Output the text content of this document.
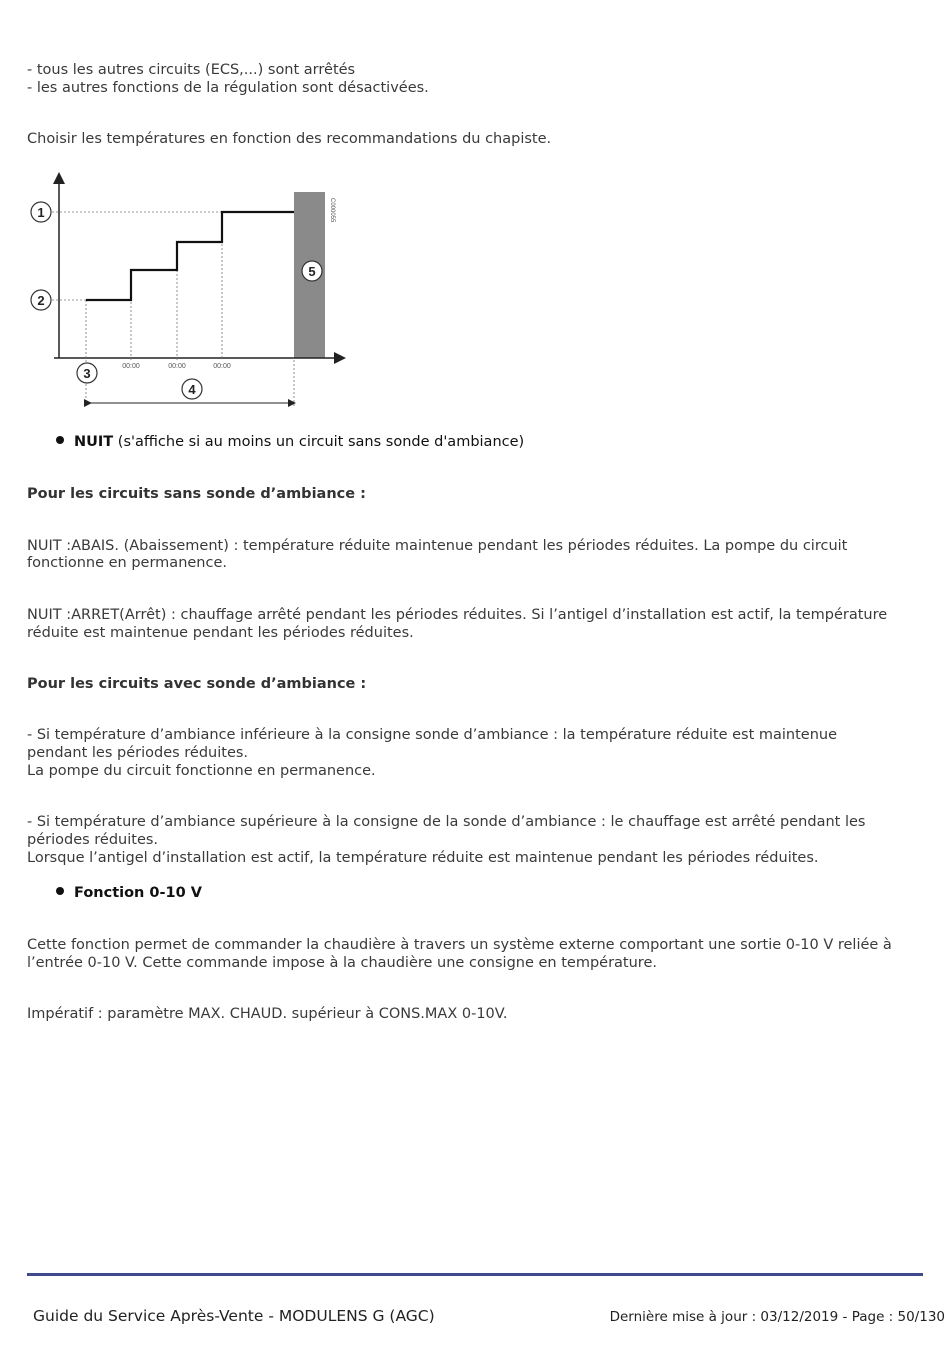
- tous les autres circuits (ECS,...) sont arrêtés

- les autres fonctions de la régulation sont désactivées.

Choisir les températures en fonction des recommandations du chapiste.

1
2
3
4
5
00:00	00:00	00:00
C000055
NUIT (s'affiche si au moins un circuit sans sonde d'ambiance)

Pour les circuits sans sonde d’ambiance :

NUIT :ABAIS. (Abaissement) : température réduite maintenue pendant les périodes réduites. La pompe du circuit

fonctionne en permanence.

NUIT :ARRET(Arrêt) : chauffage arrêté pendant les périodes réduites. Si l’antigel d’installation est actif, la température

réduite est maintenue pendant les périodes réduites.

Pour les circuits avec sonde d’ambiance :

- Si température d’ambiance inférieure à la consigne sonde d’ambiance : la température réduite est maintenue

pendant les périodes réduites.

La pompe du circuit fonctionne en permanence.

- Si température d’ambiance supérieure à la consigne de la sonde d’ambiance : le chauffage est arrêté pendant les

périodes réduites.

Lorsque l’antigel d’installation est actif, la température réduite est maintenue pendant les périodes réduites.

Fonction 0-10 V

Cette fonction permet de commander la chaudière à travers un système externe comportant une sortie 0-10 V reliée à

l’entrée 0-10 V. Cette commande impose à la chaudière une consigne en température.

Impératif : paramètre MAX. CHAUD. supérieur à CONS.MAX 0-10V.

Guide du Service Après-Vente - MODULENS G (AGC)	Dernière mise à jour : 03/12/2019 - Page : 50/130
